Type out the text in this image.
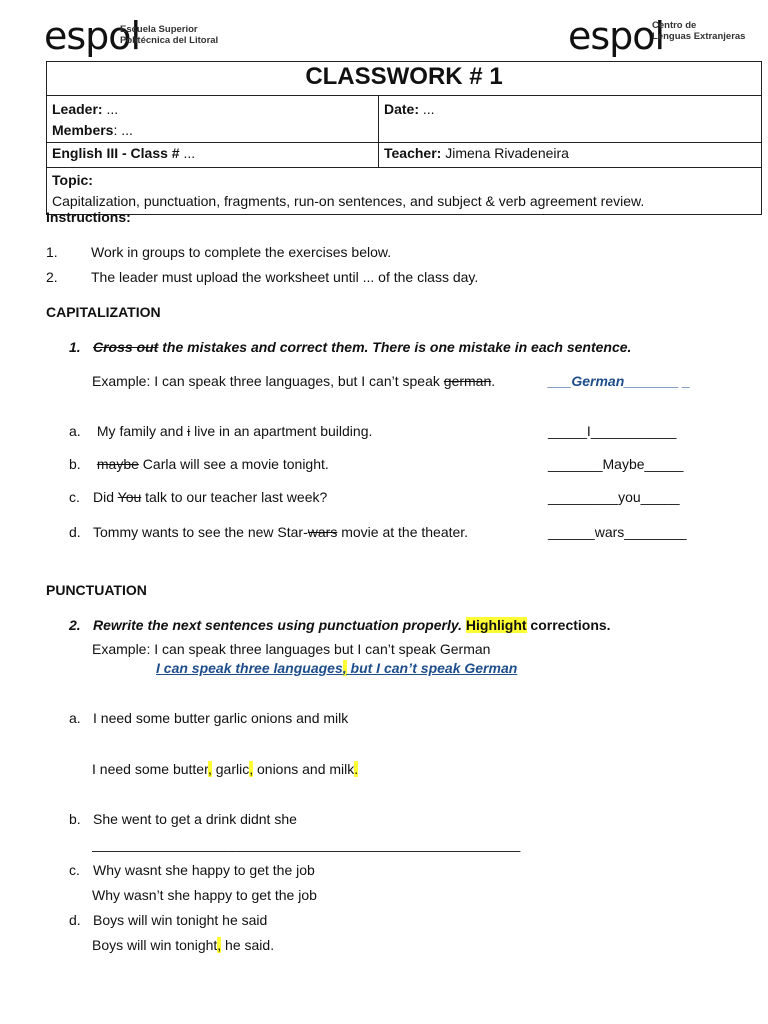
espol
Escuela Superior
Politécnica del Litoral	espol
Centro de
Lenguas Extranjeras
CLASSWORK # 1	

Leader: ...
Members: ...	Date: ...

English III - Class # ...	Teacher: Jimena Rivadeneira

Topic:
Capitalization, punctuation, fragments, run-on sentences, and subject & verb agreement review.	
Instructions:
1. Work in groups to complete the exercises below.
2. The leader must upload the worksheet until ... of the class day.
CAPITALIZATION
1. Cross out the mistakes and correct them. There is one mistake in each sentence.
Example: I can speak three languages, but I can’t speak german.	___German_______ _
a. My family and i live in an apartment building.	_____I___________
b. maybe Carla will see a movie tonight.	_______Maybe_____
c. Did You talk to our teacher last week?	_________you_____
d. Tommy wants to see the new Star-wars movie at the theater.	______wars________
PUNCTUATION
2. Rewrite the next sentences using punctuation properly. Highlight corrections.
Example: I can speak three languages but I can’t speak German
I can speak three languages, but I can’t speak German
a. I need some butter garlic onions and milk
I need some butter, garlic, onions and milk.
b. She went to get a drink didnt she
_______________________________________________________
c. Why wasnt she happy to get the job
Why wasn’t she happy to get the job
d. Boys will win tonight he said
Boys will win tonight, he said.
